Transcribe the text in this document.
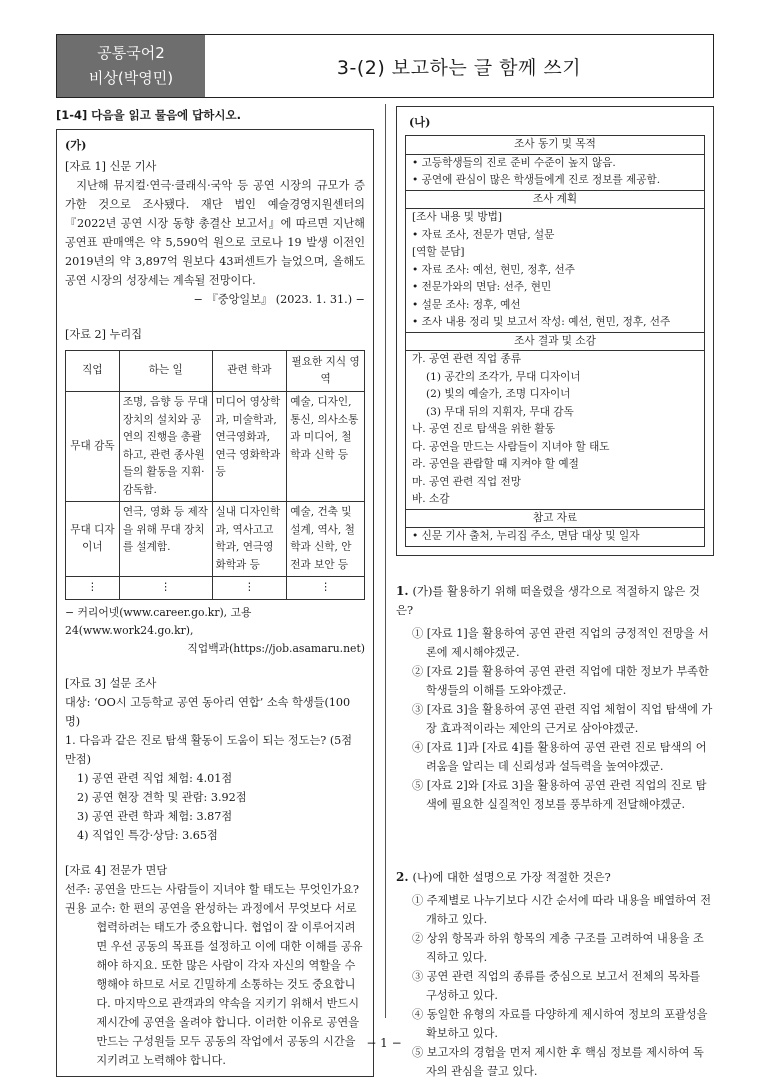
공통국어2
비상(박영민)	3-(2) 보고하는 글 함께 쓰기
[1-4] 다음을 읽고 물음에 답하시오.
(가)
[자료 1] 신문 기사

지난해 뮤지컬·연극·클래식·국악 등 공연 시장의 규모가 증가한 것으로 조사됐다. 재단 법인 예술경영지원센터의 『2022년 공연 시장 동향 총결산 보고서』에 따르면 지난해 공연표 판매액은 약 5,590억 원으로 코로나 19 발생 이전인 2019년의 약 3,897억 원보다 43퍼센트가 늘었으며, 올해도 공연 시장의 성장세는 계속될 전망이다.

− 『중앙일보』 (2023. 1. 31.) −
[자료 2] 누리집
직업	하는 일	관련 학과	필요한 지식 영역
무대 감독	조명, 음향 등 무대 장치의 설치와 공연의 진행을 총괄하고, 관련 종사원들의 활동을 지휘·감독함.	미디어 영상학과, 미술학과, 연극영화과, 연극 영화학과 등	예술, 디자인, 통신, 의사소통과 미디어, 철학과 신학 등
무대 디자이너	연극, 영화 등 제작을 위해 무대 장치를 설계함.	실내 디자인학과, 역사고고학과, 연극영화학과 등	예술, 건축 및 설계, 역사, 철학과 신학, 안전과 보안 등
⋮	⋮	⋮	⋮
− 커리어넷(www.career.go.kr), 고용24(www.work24.go.kr),
직업백과(https://job.asamaru.net)
[자료 3] 설문 조사
대상: ‘OO시 고등학교 공연 동아리 연합’ 소속 학생들(100명)
1. 다음과 같은 진로 탐색 활동이 도움이 되는 정도는? (5점 만점)
1) 공연 관련 직업 체험: 4.01점
2) 공연 현장 견학 및 관람: 3.92점
3) 공연 관련 학과 체험: 3.87점
4) 직업인 특강·상담: 3.65점
[자료 4] 전문가 면담

선주: 공연을 만드는 사람들이 지녀야 할 태도는 무엇인가요?

권용 교수: 한 편의 공연을 완성하는 과정에서 무엇보다 서로 협력하려는 태도가 중요합니다. 협업이 잘 이루어지려면 우선 공동의 목표를 설정하고 이에 대한 이해를 공유해야 하지요. 또한 많은 사람이 각자 자신의 역할을 수행해야 하므로 서로 긴밀하게 소통하는 것도 중요합니다. 마지막으로 관객과의 약속을 지키기 위해서 반드시 제시간에 공연을 올려야 합니다. 이러한 이유로 공연을 만드는 구성원들 모두 공동의 작업에서 공동의 시간을 지키려고 노력해야 합니다.

(나)
조사 동기 및 목적
• 고등학생들의 진로 준비 수준이 높지 않음.
• 공연에 관심이 많은 학생들에게 진로 정보를 제공함.
조사 계획
[조사 내용 및 방법]
• 자료 조사, 전문가 면담, 설문
[역할 분담]
• 자료 조사: 예선, 현민, 정후, 선주
• 전문가와의 면담: 선주, 현민
• 설문 조사: 정후, 예선
• 조사 내용 정리 및 보고서 작성: 예선, 현민, 정후, 선주
조사 결과 및 소감
가. 공연 관련 직업 종류
(1) 공간의 조각가, 무대 디자이너
(2) 빛의 예술가, 조명 디자이너
(3) 무대 뒤의 지휘자, 무대 감독
나. 공연 진로 탐색을 위한 활동
다. 공연을 만드는 사람들이 지녀야 할 태도
라. 공연을 관람할 때 지켜야 할 예절
마. 공연 관련 직업 전망
바. 소감
참고 자료
• 신문 기사 출처, 누리집 주소, 면담 대상 및 일자
1. (가)를 활용하기 위해 떠올렸을 생각으로 적절하지 않은 것은?
① [자료 1]을 활용하여 공연 관련 직업의 긍정적인 전망을 서론에 제시해야겠군.
② [자료 2]를 활용하여 공연 관련 직업에 대한 정보가 부족한 학생들의 이해를 도와야겠군.
③ [자료 3]을 활용하여 공연 관련 직업 체험이 직업 탐색에 가장 효과적이라는 제안의 근거로 삼아야겠군.
④ [자료 1]과 [자료 4]를 활용하여 공연 관련 진로 탐색의 어려움을 알리는 데 신뢰성과 설득력을 높여야겠군.
⑤ [자료 2]와 [자료 3]을 활용하여 공연 관련 직업의 진로 탐색에 필요한 실질적인 정보를 풍부하게 전달해야겠군.
2. (나)에 대한 설명으로 가장 적절한 것은?
① 주제별로 나누기보다 시간 순서에 따라 내용을 배열하여 전개하고 있다.
② 상위 항목과 하위 항목의 계층 구조를 고려하여 내용을 조직하고 있다.
③ 공연 관련 직업의 종류를 중심으로 보고서 전체의 목차를 구성하고 있다.
④ 동일한 유형의 자료를 다양하게 제시하여 정보의 포괄성을 확보하고 있다.
⑤ 보고자의 경험을 먼저 제시한 후 핵심 정보를 제시하여 독자의 관심을 끌고 있다.
− 1 −
